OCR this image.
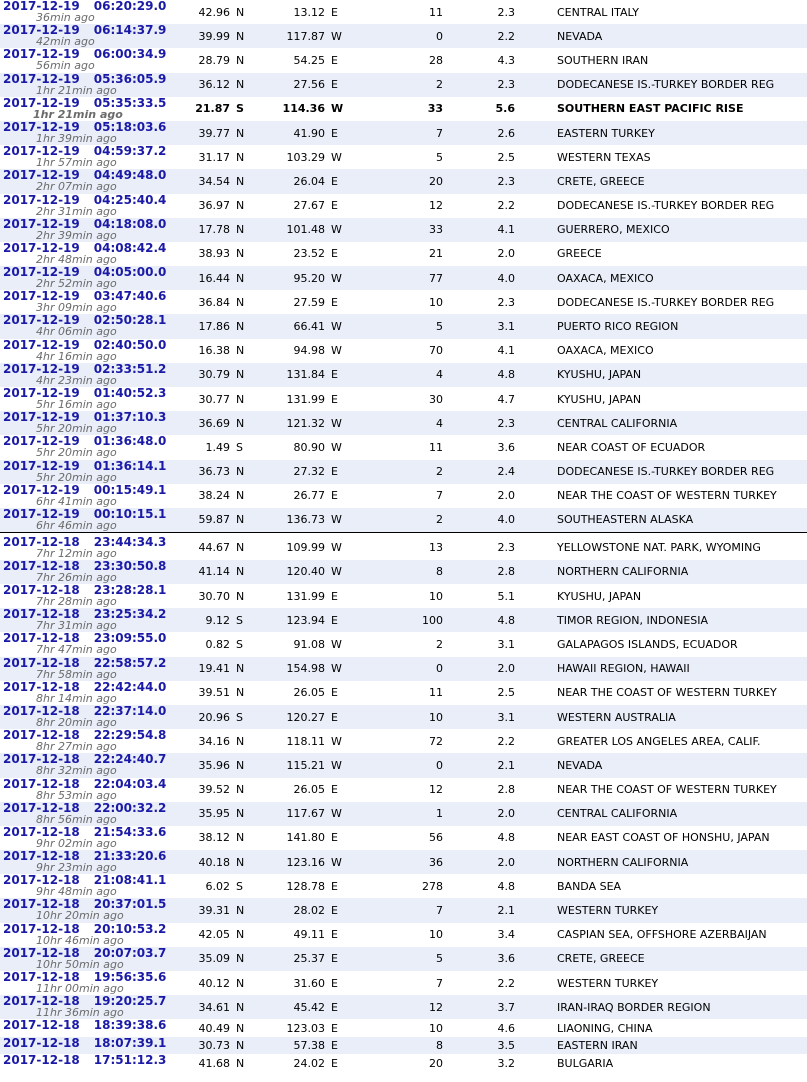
2017-12-19 06:20:29.0
36min ago	42.96	N	13.12	E	11	2.3	CENTRAL ITALY
2017-12-19 06:14:37.9
42min ago	39.99	N	117.87	W	0	2.2	NEVADA
2017-12-19 06:00:34.9
56min ago	28.79	N	54.25	E	28	4.3	SOUTHERN IRAN
2017-12-19 05:36:05.9
1hr 21min ago	36.12	N	27.56	E	2	2.3	DODECANESE IS.-TURKEY BORDER REG
2017-12-19 05:35:33.5
1hr 21min ago	21.87	S	114.36	W	33	5.6	SOUTHERN EAST PACIFIC RISE
2017-12-19 05:18:03.6
1hr 39min ago	39.77	N	41.90	E	7	2.6	EASTERN TURKEY
2017-12-19 04:59:37.2
1hr 57min ago	31.17	N	103.29	W	5	2.5	WESTERN TEXAS
2017-12-19 04:49:48.0
2hr 07min ago	34.54	N	26.04	E	20	2.3	CRETE, GREECE
2017-12-19 04:25:40.4
2hr 31min ago	36.97	N	27.67	E	12	2.2	DODECANESE IS.-TURKEY BORDER REG
2017-12-19 04:18:08.0
2hr 39min ago	17.78	N	101.48	W	33	4.1	GUERRERO, MEXICO
2017-12-19 04:08:42.4
2hr 48min ago	38.93	N	23.52	E	21	2.0	GREECE
2017-12-19 04:05:00.0
2hr 52min ago	16.44	N	95.20	W	77	4.0	OAXACA, MEXICO
2017-12-19 03:47:40.6
3hr 09min ago	36.84	N	27.59	E	10	2.3	DODECANESE IS.-TURKEY BORDER REG
2017-12-19 02:50:28.1
4hr 06min ago	17.86	N	66.41	W	5	3.1	PUERTO RICO REGION
2017-12-19 02:40:50.0
4hr 16min ago	16.38	N	94.98	W	70	4.1	OAXACA, MEXICO
2017-12-19 02:33:51.2
4hr 23min ago	30.79	N	131.84	E	4	4.8	KYUSHU, JAPAN
2017-12-19 01:40:52.3
5hr 16min ago	30.77	N	131.99	E	30	4.7	KYUSHU, JAPAN
2017-12-19 01:37:10.3
5hr 20min ago	36.69	N	121.32	W	4	2.3	CENTRAL CALIFORNIA
2017-12-19 01:36:48.0
5hr 20min ago	1.49	S	80.90	W	11	3.6	NEAR COAST OF ECUADOR
2017-12-19 01:36:14.1
5hr 20min ago	36.73	N	27.32	E	2	2.4	DODECANESE IS.-TURKEY BORDER REG
2017-12-19 00:15:49.1
6hr 41min ago	38.24	N	26.77	E	7	2.0	NEAR THE COAST OF WESTERN TURKEY
2017-12-19 00:10:15.1
6hr 46min ago	59.87	N	136.73	W	2	4.0	SOUTHEASTERN ALASKA

2017-12-18 23:44:34.3
7hr 12min ago	44.67	N	109.99	W	13	2.3	YELLOWSTONE NAT. PARK, WYOMING
2017-12-18 23:30:50.8
7hr 26min ago	41.14	N	120.40	W	8	2.8	NORTHERN CALIFORNIA
2017-12-18 23:28:28.1
7hr 28min ago	30.70	N	131.99	E	10	5.1	KYUSHU, JAPAN
2017-12-18 23:25:34.2
7hr 31min ago	9.12	S	123.94	E	100	4.8	TIMOR REGION, INDONESIA
2017-12-18 23:09:55.0
7hr 47min ago	0.82	S	91.08	W	2	3.1	GALAPAGOS ISLANDS, ECUADOR
2017-12-18 22:58:57.2
7hr 58min ago	19.41	N	154.98	W	0	2.0	HAWAII REGION, HAWAII
2017-12-18 22:42:44.0
8hr 14min ago	39.51	N	26.05	E	11	2.5	NEAR THE COAST OF WESTERN TURKEY
2017-12-18 22:37:14.0
8hr 20min ago	20.96	S	120.27	E	10	3.1	WESTERN AUSTRALIA
2017-12-18 22:29:54.8
8hr 27min ago	34.16	N	118.11	W	72	2.2	GREATER LOS ANGELES AREA, CALIF.
2017-12-18 22:24:40.7
8hr 32min ago	35.96	N	115.21	W	0	2.1	NEVADA
2017-12-18 22:04:03.4
8hr 53min ago	39.52	N	26.05	E	12	2.8	NEAR THE COAST OF WESTERN TURKEY
2017-12-18 22:00:32.2
8hr 56min ago	35.95	N	117.67	W	1	2.0	CENTRAL CALIFORNIA
2017-12-18 21:54:33.6
9hr 02min ago	38.12	N	141.80	E	56	4.8	NEAR EAST COAST OF HONSHU, JAPAN
2017-12-18 21:33:20.6
9hr 23min ago	40.18	N	123.16	W	36	2.0	NORTHERN CALIFORNIA
2017-12-18 21:08:41.1
9hr 48min ago	6.02	S	128.78	E	278	4.8	BANDA SEA
2017-12-18 20:37:01.5
10hr 20min ago	39.31	N	28.02	E	7	2.1	WESTERN TURKEY
2017-12-18 20:10:53.2
10hr 46min ago	42.05	N	49.11	E	10	3.4	CASPIAN SEA, OFFSHORE AZERBAIJAN
2017-12-18 20:07:03.7
10hr 50min ago	35.09	N	25.37	E	5	3.6	CRETE, GREECE
2017-12-18 19:56:35.6
11hr 00min ago	40.12	N	31.60	E	7	2.2	WESTERN TURKEY
2017-12-18 19:20:25.7
11hr 36min ago	34.61	N	45.42	E	12	3.7	IRAN-IRAQ BORDER REGION
2017-12-18 18:39:38.6	40.49	N	123.03	E	10	4.6	LIAONING, CHINA
2017-12-18 18:07:39.1	30.73	N	57.38	E	8	3.5	EASTERN IRAN
2017-12-18 17:51:12.3	41.68	N	24.02	E	20	3.2	BULGARIA
